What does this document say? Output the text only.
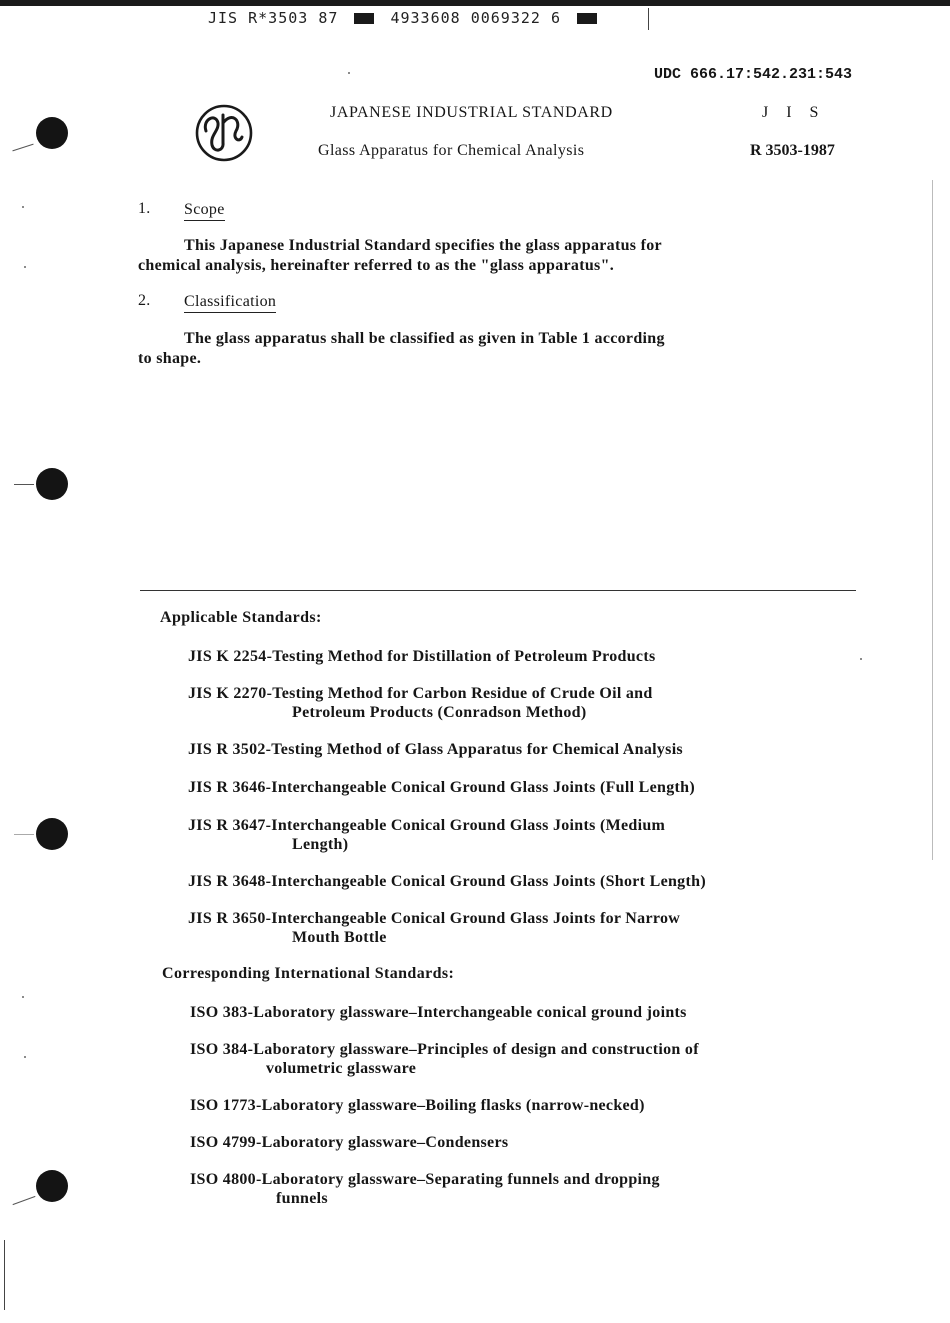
JIS R*3503 87	4933608 0069322 6
UDC 666.17:542.231:543
JAPANESE INDUSTRIAL STANDARD	J I S
Glass Apparatus for Chemical Analysis	R 3503-1987
1. Scope
This Japanese Industrial Standard specifies the glass apparatus for
chemical analysis, hereinafter referred to as the "glass apparatus".
2. Classification
The glass apparatus shall be classified as given in Table 1 according
to shape.
Applicable Standards:
JIS K 2254-Testing Method for Distillation of Petroleum Products
JIS K 2270-Testing Method for Carbon Residue of Crude Oil and
Petroleum Products (Conradson Method)
JIS R 3502-Testing Method of Glass Apparatus for Chemical Analysis
JIS R 3646-Interchangeable Conical Ground Glass Joints (Full Length)
JIS R 3647-Interchangeable Conical Ground Glass Joints (Medium
Length)
JIS R 3648-Interchangeable Conical Ground Glass Joints (Short Length)
JIS R 3650-Interchangeable Conical Ground Glass Joints for Narrow
Mouth Bottle
Corresponding International Standards:
ISO 383-Laboratory glassware–Interchangeable conical ground joints
ISO 384-Laboratory glassware–Principles of design and construction of
volumetric glassware
ISO 1773-Laboratory glassware–Boiling flasks (narrow-necked)
ISO 4799-Laboratory glassware–Condensers
ISO 4800-Laboratory glassware–Separating funnels and dropping
funnels
